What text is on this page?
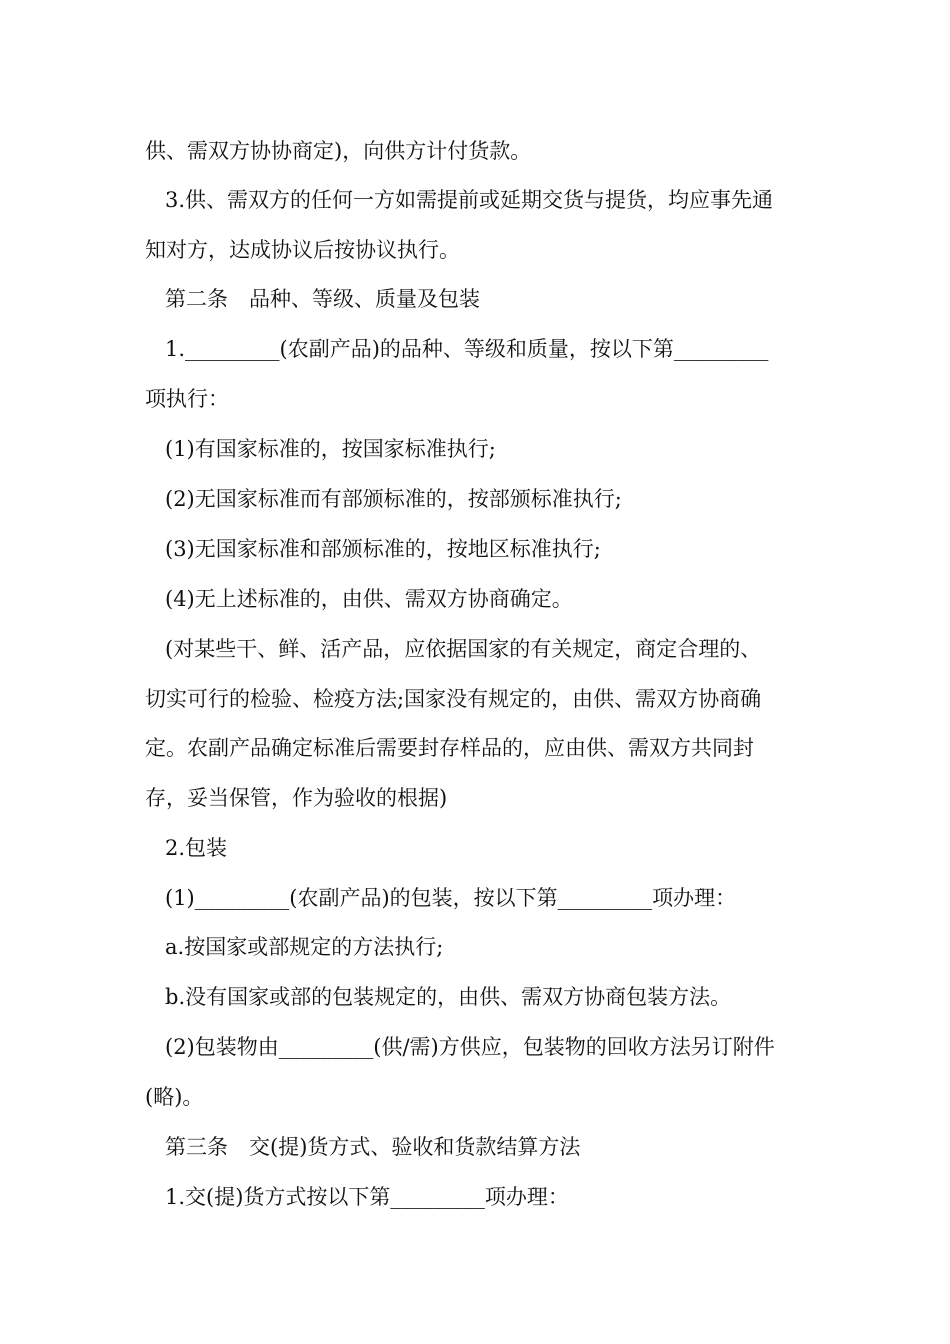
供、需双方协协商定)，向供方计付货款。
3.供、需双方的任何一方如需提前或延期交货与提货，均应事先通
知对方，达成协议后按协议执行。
第二条　品种、等级、质量及包装
1._________(农副产品)的品种、等级和质量，按以下第_________
项执行：
(1)有国家标准的，按国家标准执行;
(2)无国家标准而有部颁标准的，按部颁标准执行;
(3)无国家标准和部颁标准的，按地区标准执行;
(4)无上述标准的，由供、需双方协商确定。
(对某些干、鲜、活产品，应依据国家的有关规定，商定合理的、
切实可行的检验、检疫方法;国家没有规定的，由供、需双方协商确
定。农副产品确定标准后需要封存样品的，应由供、需双方共同封
存，妥当保管，作为验收的根据)
2.包装
(1)_________(农副产品)的包装，按以下第_________项办理：
a.按国家或部规定的方法执行;
b.没有国家或部的包装规定的，由供、需双方协商包装方法。
(2)包装物由_________(供/需)方供应，包装物的回收方法另订附件
(略)。
第三条　交(提)货方式、验收和货款结算方法
1.交(提)货方式按以下第_________项办理：
